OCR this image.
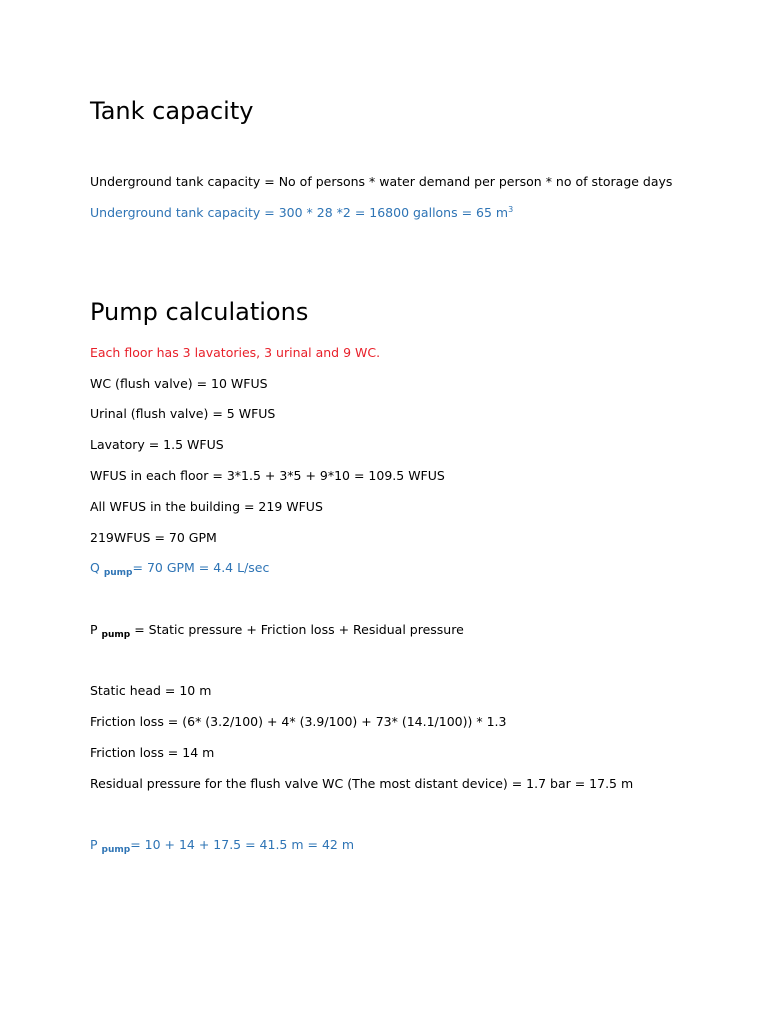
Tank capacity
Underground tank capacity = No of persons * water demand per person * no of storage days
Underground tank capacity = 300 * 28 *2 = 16800 gallons = 65 $m^3$
Pump calculations
Each floor has 3 lavatories, 3 urinal and 9 WC.
WC (flush valve) = 10 WFUS
Urinal (flush valve) = 5 WFUS
Lavatory = 1.5 WFUS
WFUS in each floor = 3*1.5 + 3*5 + 9*10 = 109.5 WFUS
All WFUS in the building = 219 WFUS
219WFUS = 70 GPM
Q $_{pump}$= 70 GPM = 4.4 L/sec
P $_{pump}$ = Static pressure + Friction loss + Residual pressure
Static head = 10 m
Friction loss = (6* (3.2/100) + 4* (3.9/100) + 73* (14.1/100)) * 1.3
Friction loss = 14 m
Residual pressure for the flush valve WC (The most distant device) = 1.7 bar = 17.5 m
P $_{pump}$= 10 + 14 + 17.5 = 41.5 m = 42 m
